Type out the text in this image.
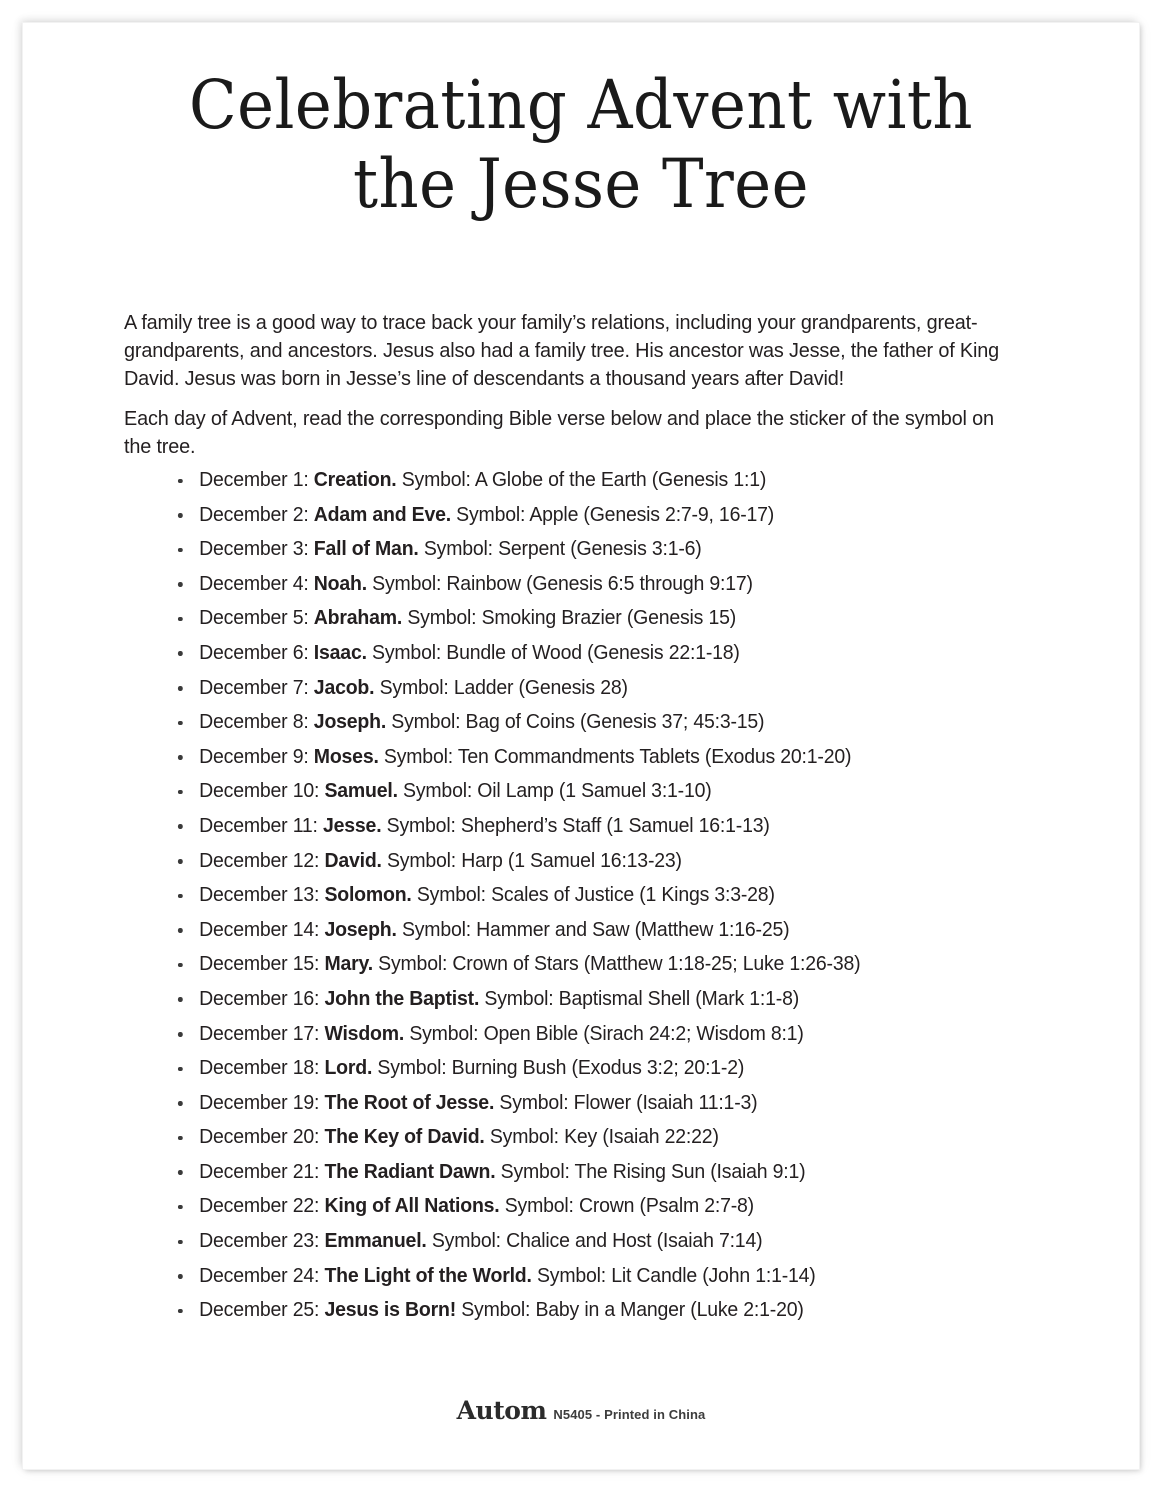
Celebrating Advent with
the Jesse Tree

A family tree is a good way to trace back your family’s relations, including your grandparents, great-grandparents, and ancestors. Jesus also had a family tree. His ancestor was Jesse, the father of King David. Jesus was born in Jesse’s line of descendants a thousand years after David!

Each day of Advent, read the corresponding Bible verse below and place the sticker of the symbol on the tree.

December 1: Creation. Symbol: A Globe of the Earth (Genesis 1:1)
December 2: Adam and Eve. Symbol: Apple (Genesis 2:7-9, 16-17)
December 3: Fall of Man. Symbol: Serpent (Genesis 3:1-6)
December 4: Noah. Symbol: Rainbow (Genesis 6:5 through 9:17)
December 5: Abraham. Symbol: Smoking Brazier (Genesis 15)
December 6: Isaac. Symbol: Bundle of Wood (Genesis 22:1-18)
December 7: Jacob. Symbol: Ladder (Genesis 28)
December 8: Joseph. Symbol: Bag of Coins (Genesis 37; 45:3-15)
December 9: Moses. Symbol: Ten Commandments Tablets (Exodus 20:1-20)
December 10: Samuel. Symbol: Oil Lamp (1 Samuel 3:1-10)
December 11: Jesse. Symbol: Shepherd’s Staff (1 Samuel 16:1-13)
December 12: David. Symbol: Harp (1 Samuel 16:13-23)
December 13: Solomon. Symbol: Scales of Justice (1 Kings 3:3-28)
December 14: Joseph. Symbol: Hammer and Saw (Matthew 1:16-25)
December 15: Mary. Symbol: Crown of Stars (Matthew 1:18-25; Luke 1:26-38)
December 16: John the Baptist. Symbol: Baptismal Shell (Mark 1:1-8)
December 17: Wisdom. Symbol: Open Bible (Sirach 24:2; Wisdom 8:1)
December 18: Lord. Symbol: Burning Bush (Exodus 3:2; 20:1-2)
December 19: The Root of Jesse. Symbol: Flower (Isaiah 11:1-3)
December 20: The Key of David. Symbol: Key (Isaiah 22:22)
December 21: The Radiant Dawn. Symbol: The Rising Sun (Isaiah 9:1)
December 22: King of All Nations. Symbol: Crown (Psalm 2:7-8)
December 23: Emmanuel. Symbol: Chalice and Host (Isaiah 7:14)
December 24: The Light of the World. Symbol: Lit Candle (John 1:1-14)
December 25: Jesus is Born! Symbol: Baby in a Manger (Luke 2:1-20)
Autom N5405 - Printed in China
